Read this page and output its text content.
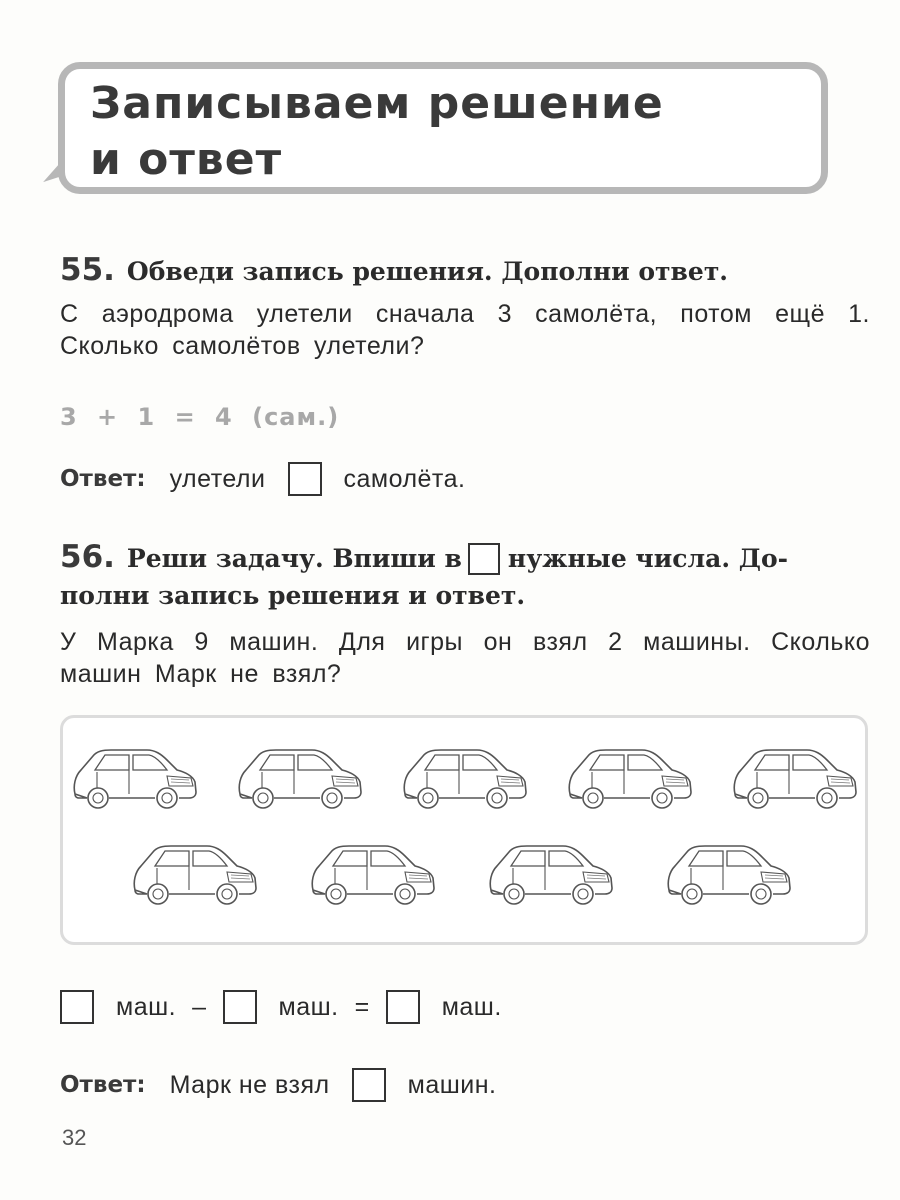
Записываем решение
и ответ

55. Обведи запись решения. Дополни ответ.

С аэродрома улетели сначала 3 самолёта, потом ещё 1. Сколько самолётов улетели?

3 + 1 = 4 (сам.)

Ответ: улетели	самолёта.

56. Реши задачу. Впиши в нужные числа. До-
полни запись решения и ответ.

У Марка 9 машин. Для игры он взял 2 машины. Сколько машин Марк не взял?

маш. –	маш. =	маш.
Ответ: Марк не взял	машин.

32
